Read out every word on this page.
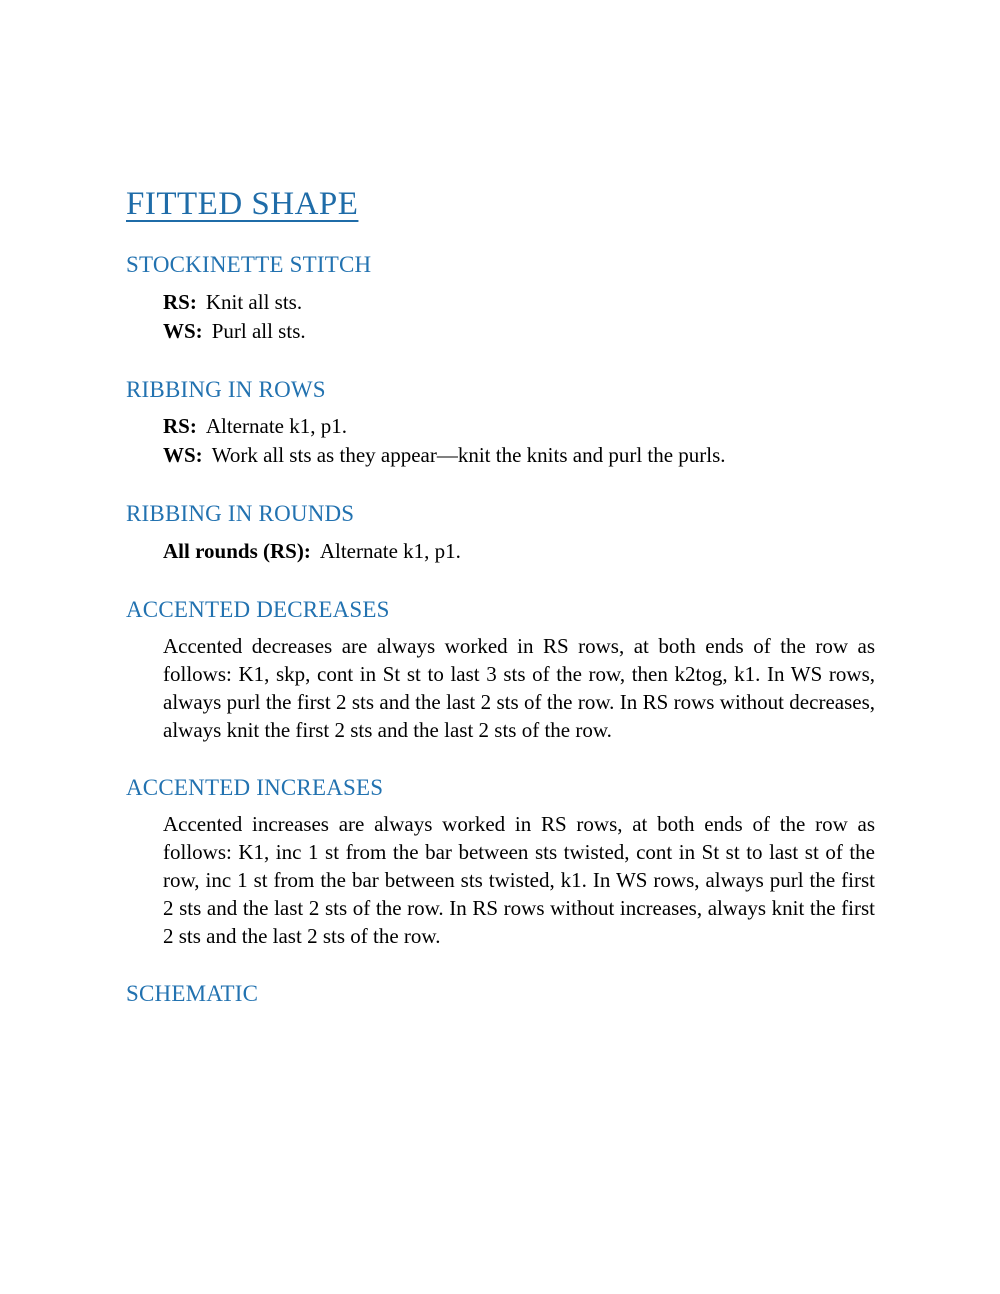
FITTED SHAPE
STOCKINETTE STITCH

RS: Knit all sts.

WS: Purl all sts.

RIBBING IN ROWS

RS: Alternate k1, p1.

WS: Work all sts as they appear—knit the knits and purl the purls.

RIBBING IN ROUNDS

All rounds (RS): Alternate k1, p1.

ACCENTED DECREASES

Accented decreases are always worked in RS rows, at both ends of the row as follows: K1, skp, cont in St st to last 3 sts of the row, then k2tog, k1. In WS rows, always purl the first 2 sts and the last 2 sts of the row. In RS rows without decreases, always knit the first 2 sts and the last 2 sts of the row.

ACCENTED INCREASES

Accented increases are always worked in RS rows, at both ends of the row as follows: K1, inc 1 st from the bar between sts twisted, cont in St st to last st of the row, inc 1 st from the bar between sts twisted, k1. In WS rows, always purl the first 2 sts and the last 2 sts of the row. In RS rows without increases, always knit the first 2 sts and the last 2 sts of the row.

SCHEMATIC
